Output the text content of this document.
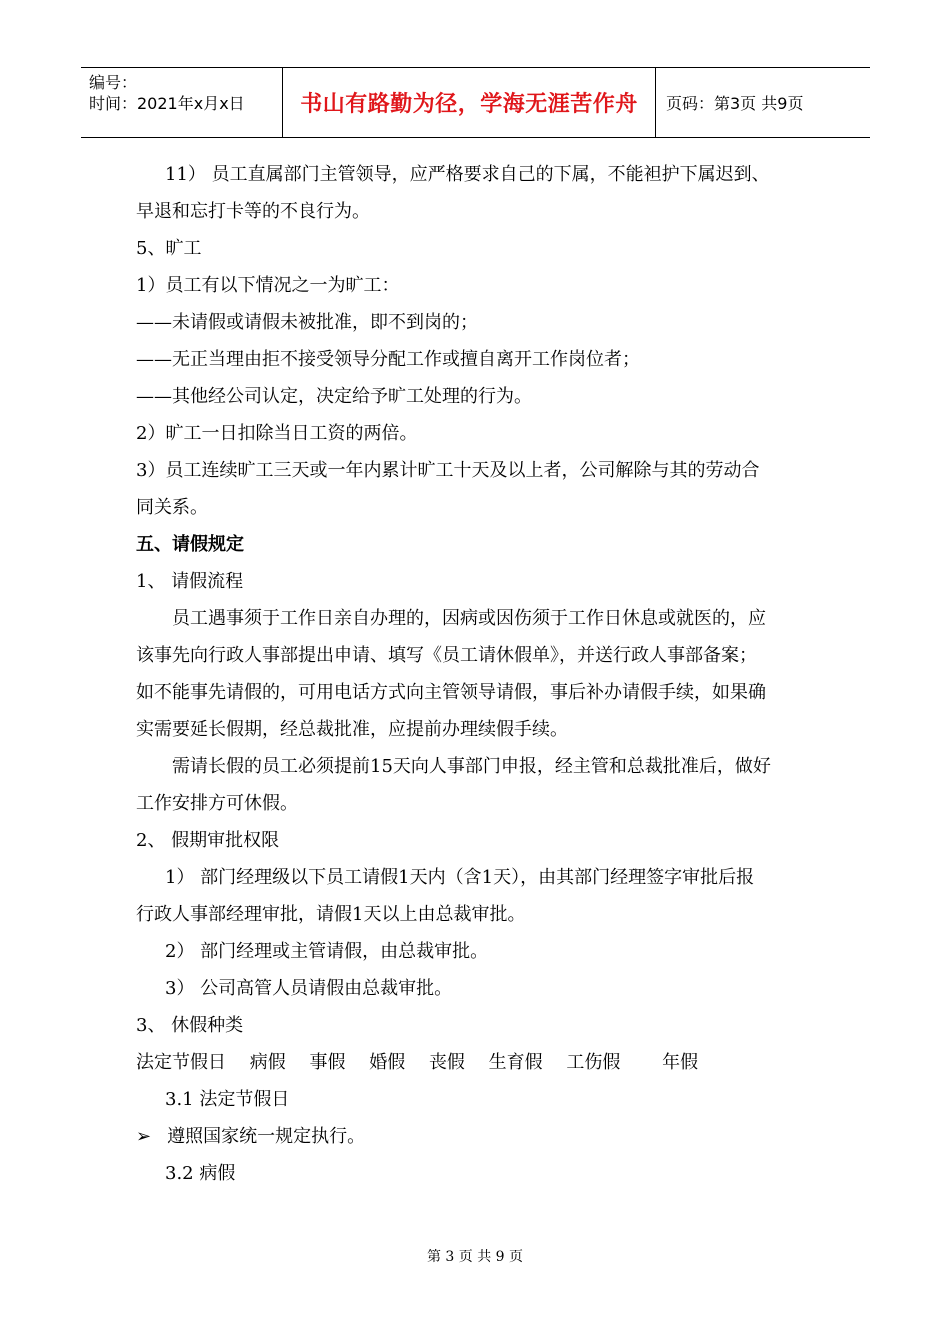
编号：
时间：2021年x月x日	书山有路勤为径，学海无涯苦作舟	页码：第3页 共9页

11） 员工直属部门主管领导，应严格要求自己的下属，不能袒护下属迟到、

早退和忘打卡等的不良行为。

5、旷工

1）员工有以下情况之一为旷工：

——未请假或请假未被批准，即不到岗的；

——无正当理由拒不接受领导分配工作或擅自离开工作岗位者；

——其他经公司认定，决定给予旷工处理的行为。

2）旷工一日扣除当日工资的两倍。

3）员工连续旷工三天或一年内累计旷工十天及以上者，公司解除与其的劳动合

同关系。

五、请假规定

1、 请假流程

员工遇事须于工作日亲自办理的，因病或因伤须于工作日休息或就医的，应

该事先向行政人事部提出申请、填写《员工请休假单》，并送行政人事部备案；

如不能事先请假的，可用电话方式向主管领导请假，事后补办请假手续，如果确

实需要延长假期，经总裁批准，应提前办理续假手续。

需请长假的员工必须提前15天向人事部门申报，经主管和总裁批准后，做好

工作安排方可休假。

2、 假期审批权限

1） 部门经理级以下员工请假1天内（含1天），由其部门经理签字审批后报

行政人事部经理审批，请假1天以上由总裁审批。

2） 部门经理或主管请假，由总裁审批。

3） 公司高管人员请假由总裁审批。

3、 休假种类

法定节假日 病假 事假 婚假 丧假 生育假 工伤假 年假

3.1 法定节假日

➢ 遵照国家统一规定执行。

3.2 病假

第 3 页 共 9 页
